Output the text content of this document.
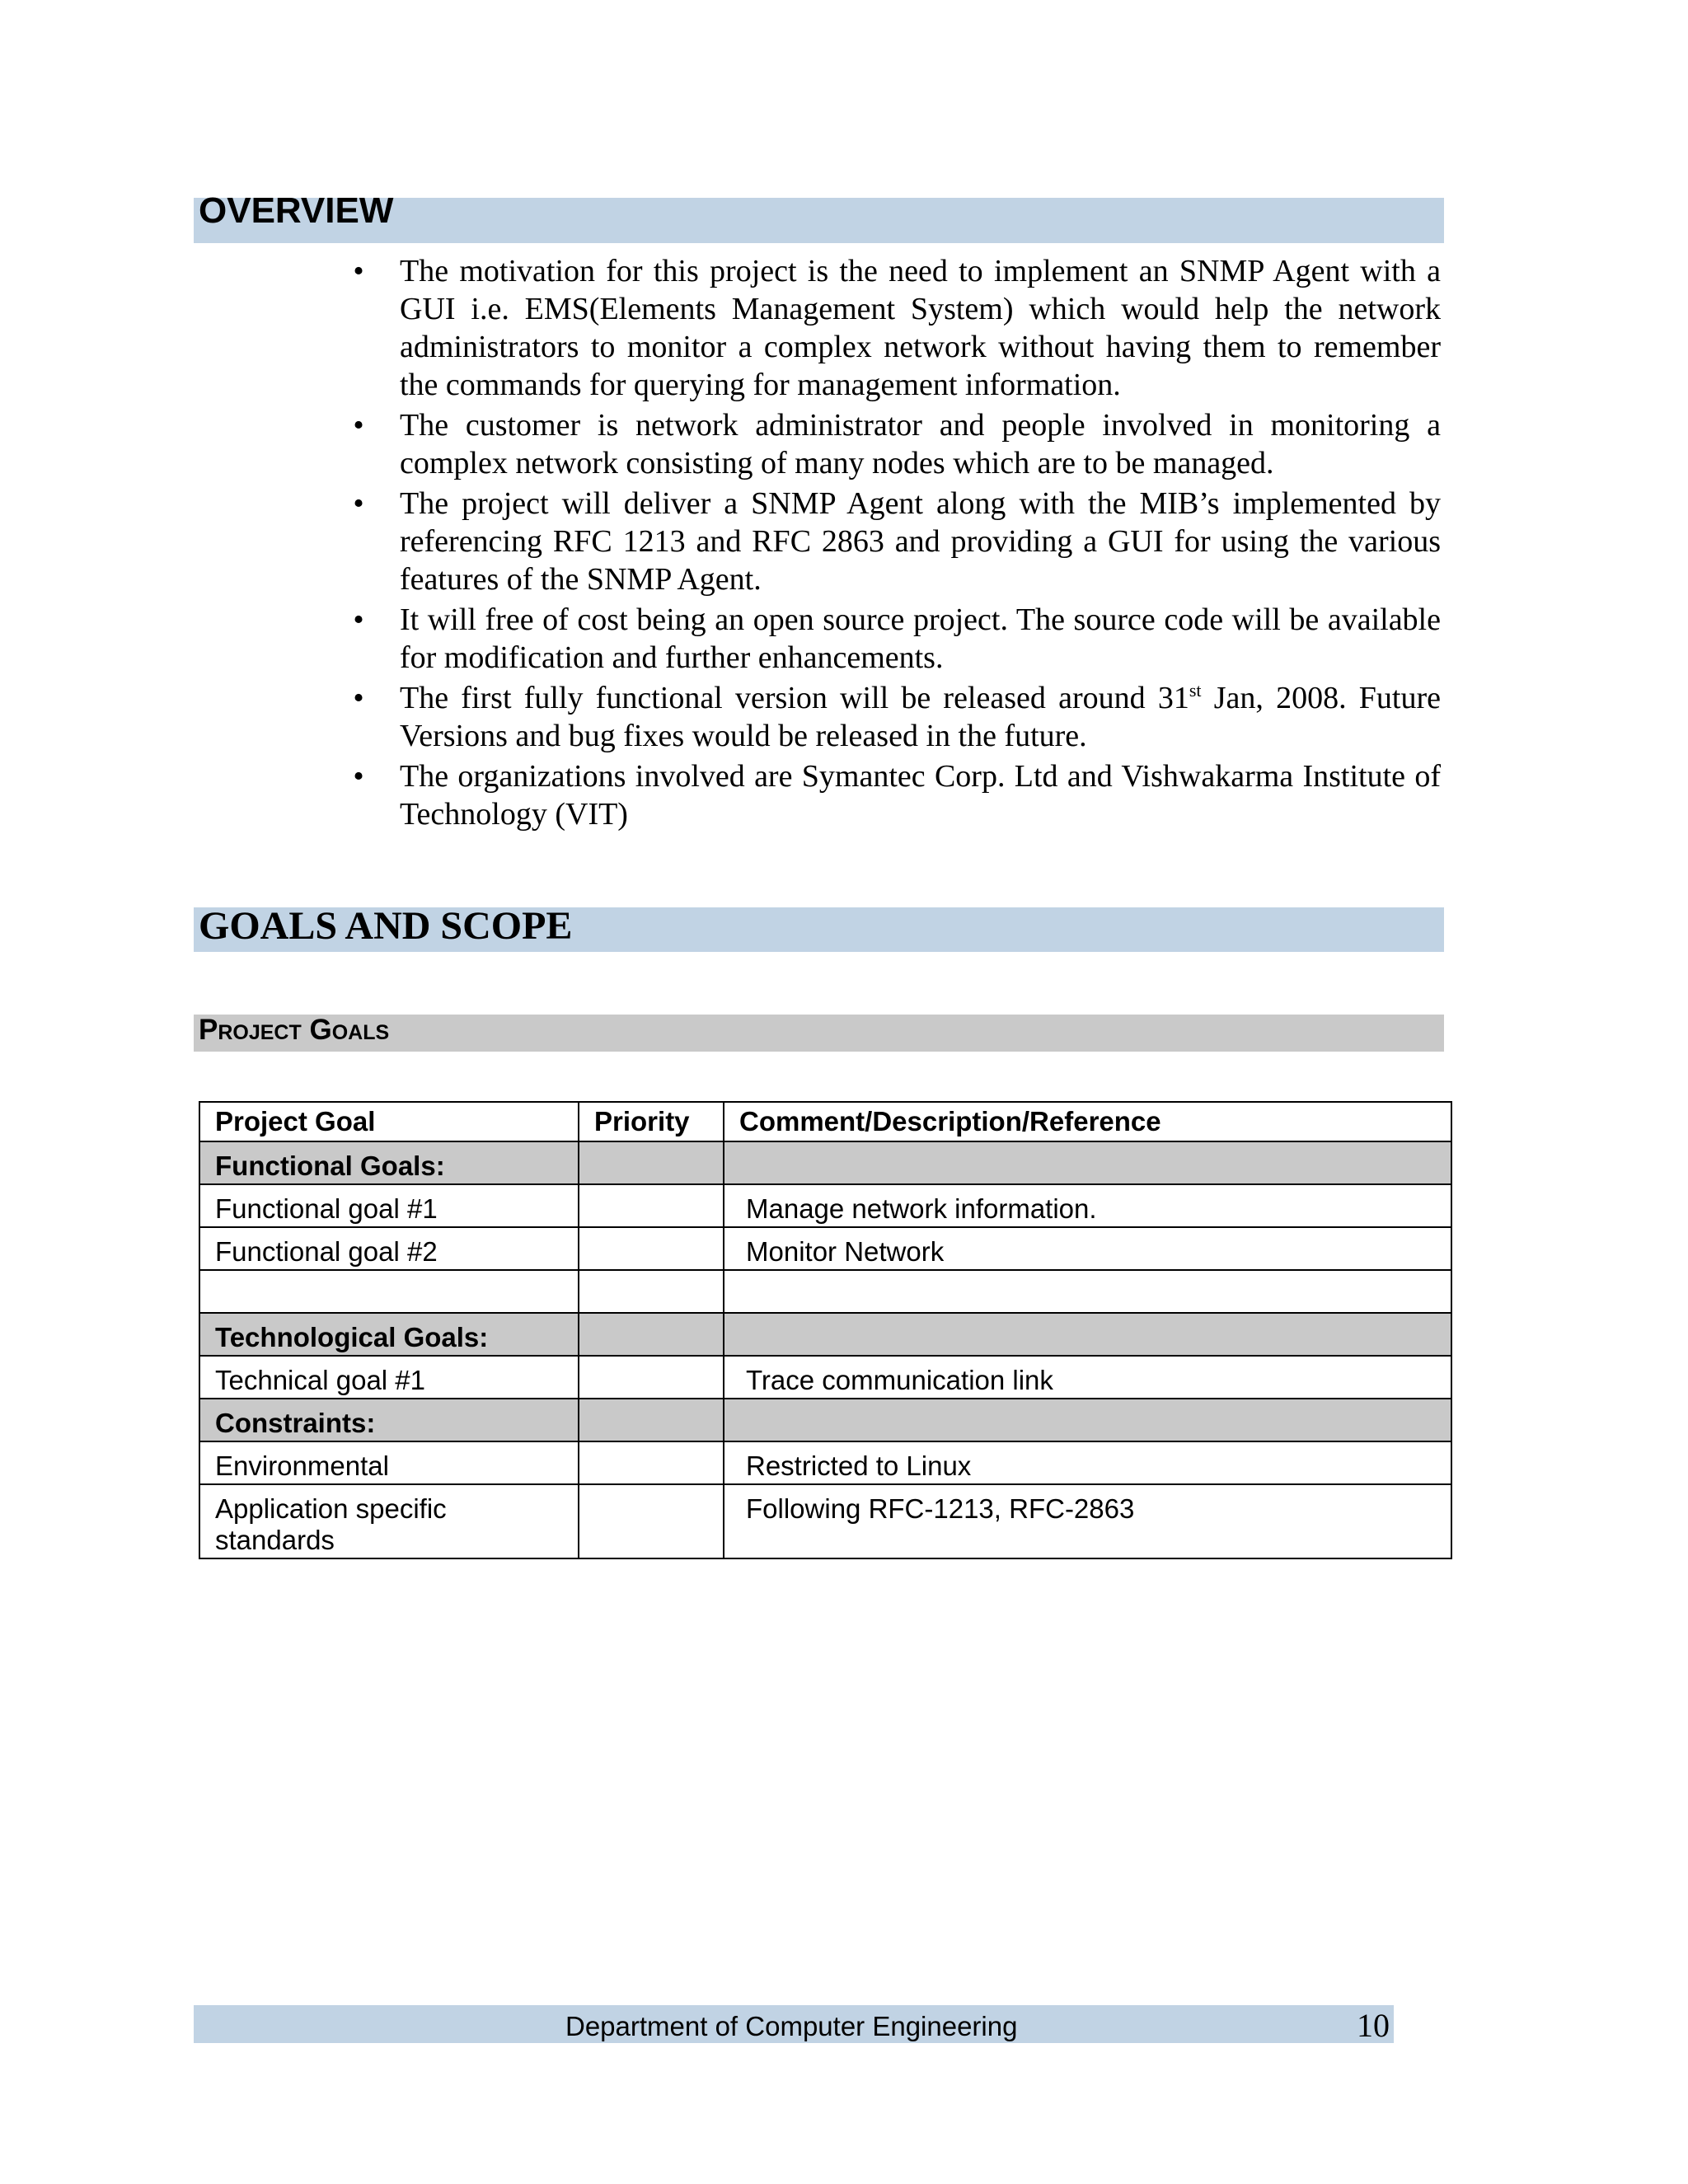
OVERVIEW
• The motivation for this project is the need to implement an SNMP Agent with a GUI i.e. EMS(Elements Management System) which would help the network administrators to monitor a complex network without having them to remember the commands for querying for management information.
• The customer is network administrator and people involved in monitoring a complex network consisting of many nodes which are to be managed.
• The project will deliver a SNMP Agent along with the MIB’s implemented by referencing RFC 1213 and RFC 2863 and providing a GUI for using the various features of the SNMP Agent.
• It will free of cost being an open source project. The source code will be available for modification and further enhancements.
• The first fully functional version will be released around 31st Jan, 2008. Future Versions and bug fixes would be released in the future.
• The organizations involved are Symantec Corp. Ltd and Vishwakarma Institute of Technology (VIT)
GOALS AND SCOPE
Project Goals
Project Goal	Priority	Comment/Description/Reference
Functional Goals:		
Functional goal #1		Manage network information.
Functional goal #2		Monitor Network

Technological Goals:		
Technical goal #1		Trace communication link
Constraints:		
Environmental		Restricted to Linux
Application specific standards		Following RFC-1213, RFC-2863
Department of Computer Engineering	10
